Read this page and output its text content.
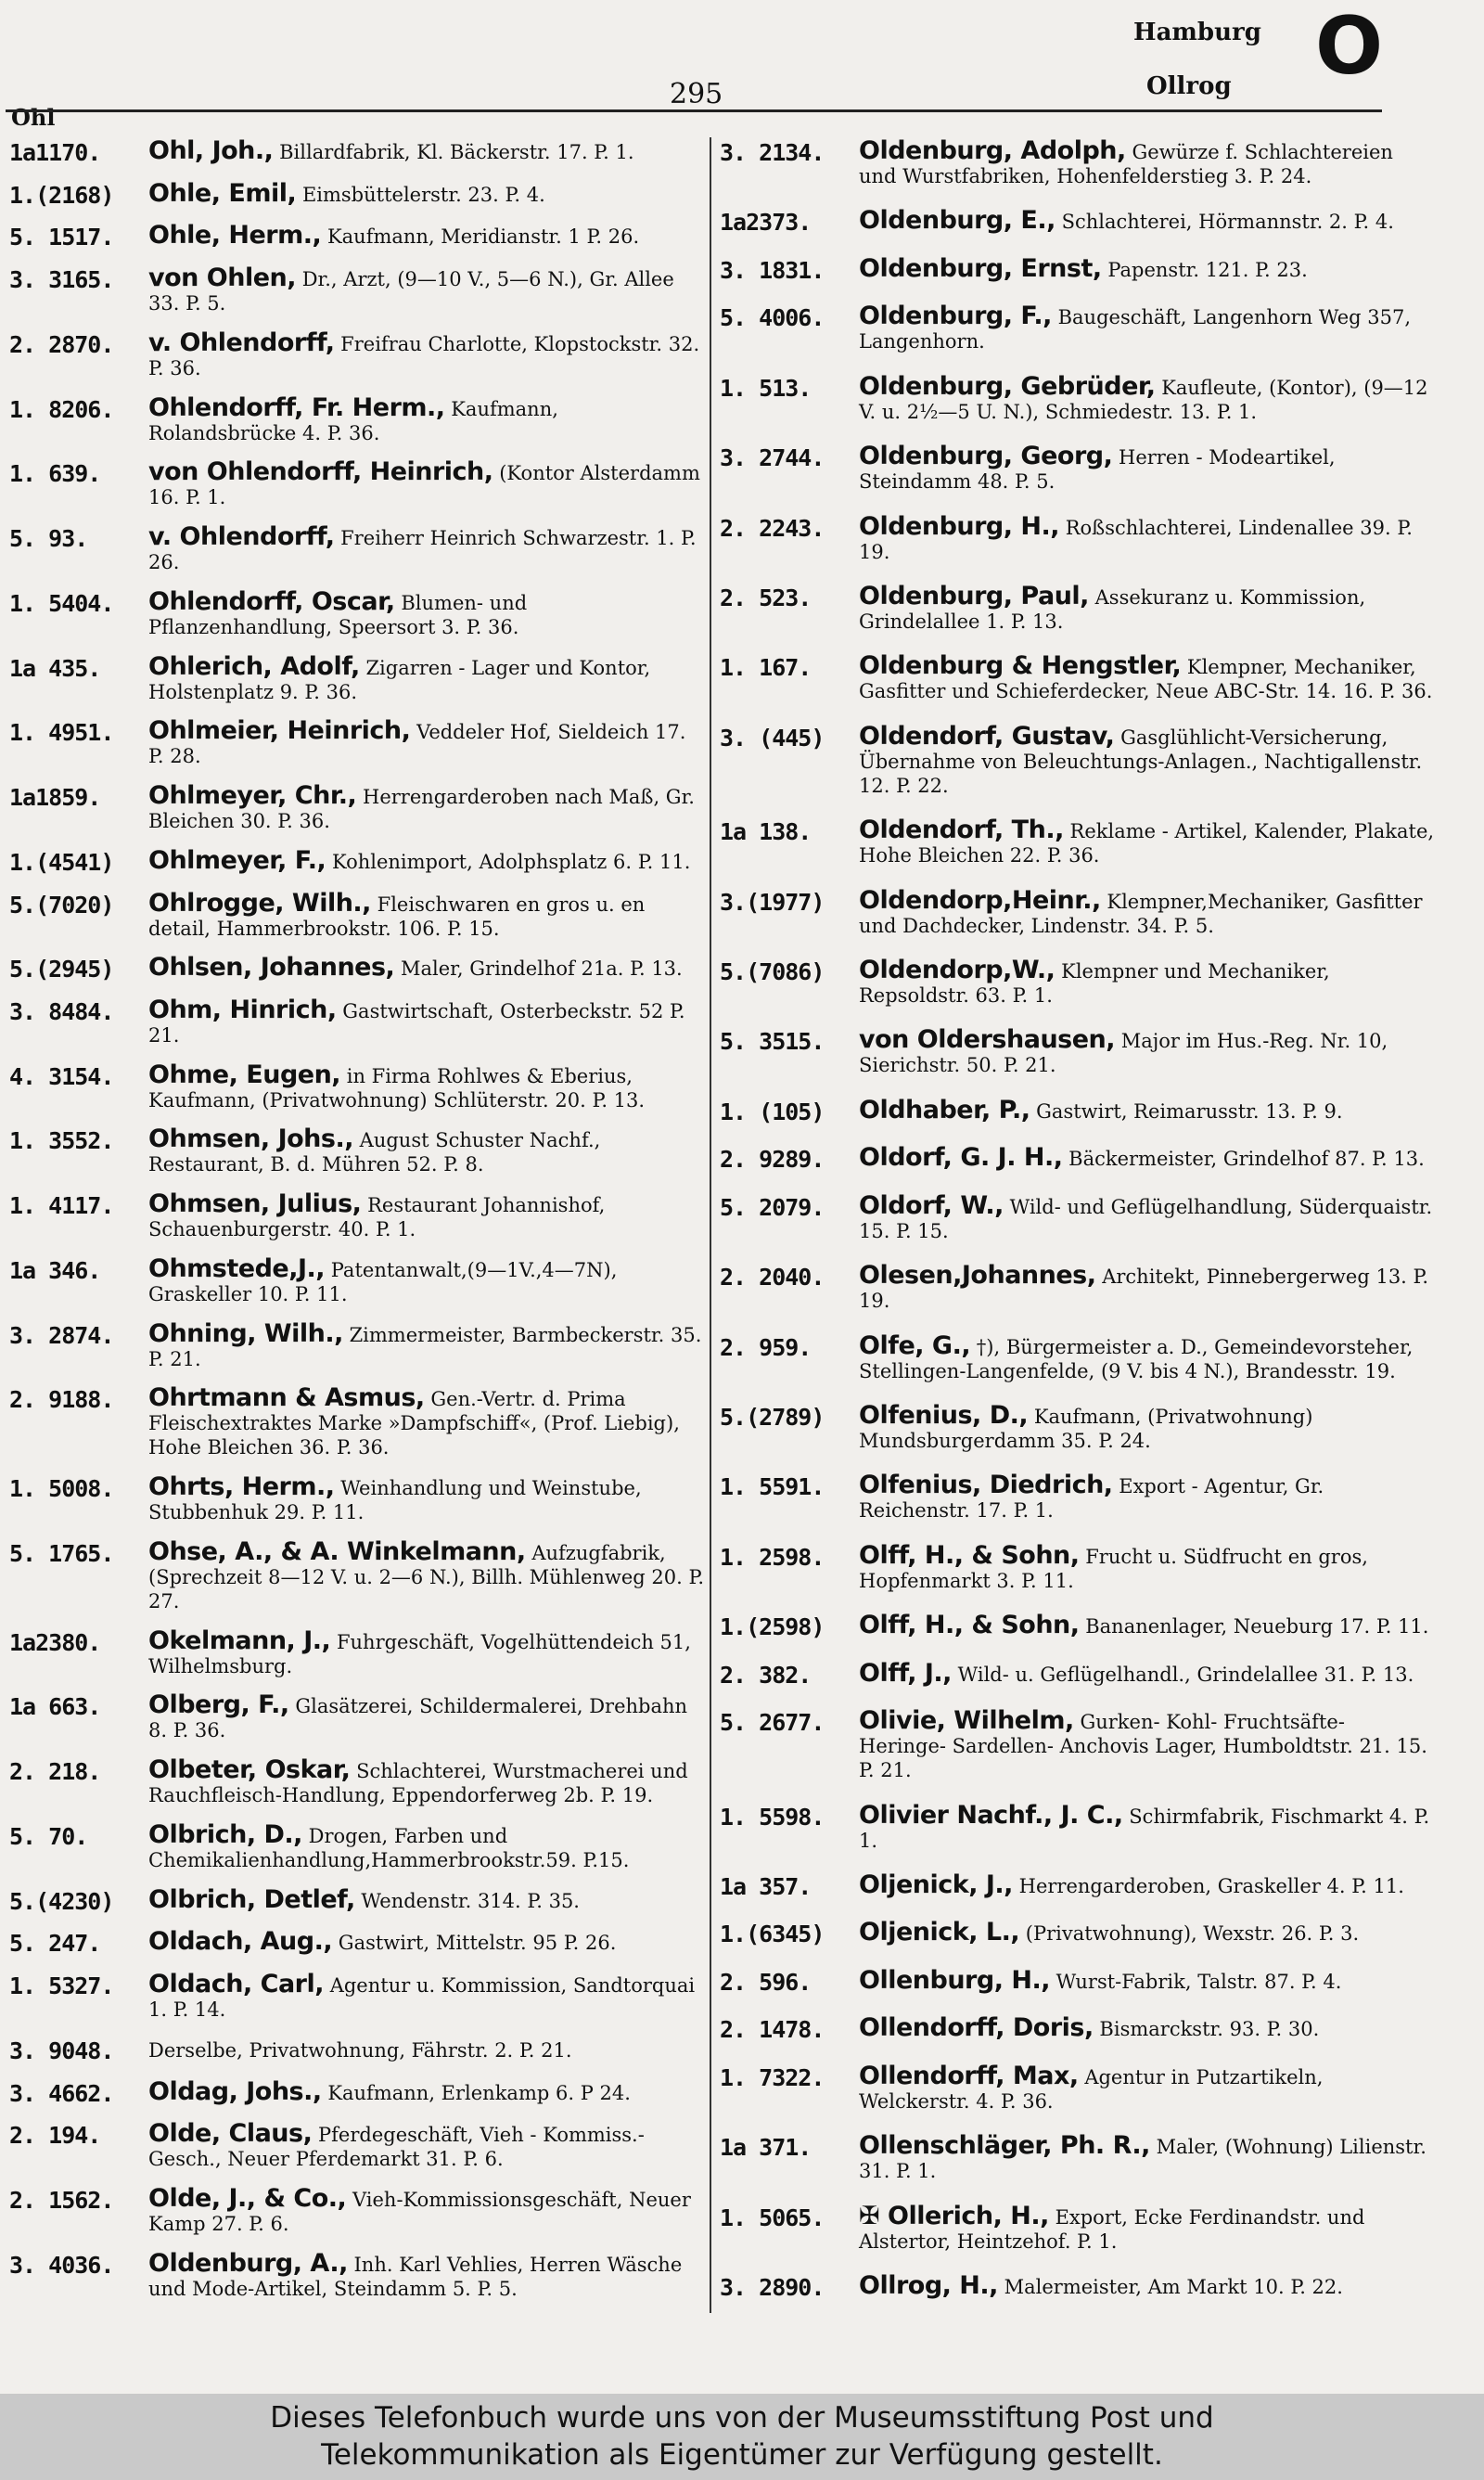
Ohl
295
Hamburg
Ollrog O
1a1170.	Ohl, Joh., Billardfabrik, Kl. Bäckerstr. 17. P. 1.
1.(2168)	Ohle, Emil, Eimsbüttelerstr. 23. P. 4.
5. 1517.	Ohle, Herm., Kaufmann, Meridianstr. 1 P. 26.
3. 3165.	von Ohlen, Dr., Arzt, (9—10 V., 5—6 N.), Gr. Allee 33. P. 5.
2. 2870.	v. Ohlendorff, Freifrau Charlotte, Klopstockstr. 32. P. 36.
1. 8206.	Ohlendorff, Fr. Herm., Kaufmann, Rolandsbrücke 4. P. 36.
1. 639.	von Ohlendorff, Heinrich, (Kontor Alsterdamm 16. P. 1.
5. 93.	v. Ohlendorff, Freiherr Heinrich Schwarzestr. 1. P. 26.
1. 5404.	Ohlendorff, Oscar, Blumen- und Pflanzenhandlung, Speersort 3. P. 36.
1a 435.	Ohlerich, Adolf, Zigarren - Lager und Kontor, Holstenplatz 9. P. 36.
1. 4951.	Ohlmeier, Heinrich, Veddeler Hof, Sieldeich 17. P. 28.
1a1859.	Ohlmeyer, Chr., Herrengarderoben nach Maß, Gr. Bleichen 30. P. 36.
1.(4541)	Ohlmeyer, F., Kohlenimport, Adolphsplatz 6. P. 11.
5.(7020)	Ohlrogge, Wilh., Fleischwaren en gros u. en detail, Hammerbrookstr. 106. P. 15.
5.(2945)	Ohlsen, Johannes, Maler, Grindelhof 21a. P. 13.
3. 8484.	Ohm, Hinrich, Gastwirtschaft, Osterbeckstr. 52 P. 21.
4. 3154.	Ohme, Eugen, in Firma Rohlwes & Eberius, Kaufmann, (Privatwohnung) Schlüterstr. 20. P. 13.
1. 3552.	Ohmsen, Johs., August Schuster Nachf., Restaurant, B. d. Mühren 52. P. 8.
1. 4117.	Ohmsen, Julius, Restaurant Johannishof, Schauenburgerstr. 40. P. 1.
1a 346.	Ohmstede,J., Patentanwalt,(9—1V.,4—7N), Graskeller 10. P. 11.
3. 2874.	Ohning, Wilh., Zimmermeister, Barmbeckerstr. 35. P. 21.
2. 9188.	Ohrtmann & Asmus, Gen.-Vertr. d. Prima Fleischextraktes Marke »Dampfschiff«, (Prof. Liebig), Hohe Bleichen 36. P. 36.
1. 5008.	Ohrts, Herm., Weinhandlung und Weinstube, Stubbenhuk 29. P. 11.
5. 1765.	Ohse, A., & A. Winkelmann, Aufzugfabrik, (Sprechzeit 8—12 V. u. 2—6 N.), Billh. Mühlenweg 20. P. 27.
1a2380.	Okelmann, J., Fuhrgeschäft, Vogelhüttendeich 51, Wilhelmsburg.
1a 663.	Olberg, F., Glasätzerei, Schildermalerei, Drehbahn 8. P. 36.
2. 218.	Olbeter, Oskar, Schlachterei, Wurstmacherei und Rauchfleisch-Handlung, Eppendorferweg 2b. P. 19.
5. 70.	Olbrich, D., Drogen, Farben und Chemikalienhandlung,Hammerbrookstr.59. P.15.
5.(4230)	Olbrich, Detlef, Wendenstr. 314. P. 35.
5. 247.	Oldach, Aug., Gastwirt, Mittelstr. 95 P. 26.
1. 5327.	Oldach, Carl, Agentur u. Kommission, Sandtorquai 1. P. 14.
3. 9048.	Derselbe, Privatwohnung, Fährstr. 2. P. 21.
3. 4662.	Oldag, Johs., Kaufmann, Erlenkamp 6. P 24.
2. 194.	Olde, Claus, Pferdegeschäft, Vieh - Kommiss.-Gesch., Neuer Pferdemarkt 31. P. 6.
2. 1562.	Olde, J., & Co., Vieh-Kommissionsgeschäft, Neuer Kamp 27. P. 6.
3. 4036.	Oldenburg, A., Inh. Karl Vehlies, Herren Wäsche und Mode-Artikel, Steindamm 5. P. 5.
3. 2134.	Oldenburg, Adolph, Gewürze f. Schlachtereien und Wurstfabriken, Hohenfelderstieg 3. P. 24.
1a2373.	Oldenburg, E., Schlachterei, Hörmannstr. 2. P. 4.
3. 1831.	Oldenburg, Ernst, Papenstr. 121. P. 23.
5. 4006.	Oldenburg, F., Baugeschäft, Langenhorn Weg 357, Langenhorn.
1. 513.	Oldenburg, Gebrüder, Kaufleute, (Kontor), (9—12 V. u. 2½—5 U. N.), Schmiedestr. 13. P. 1.
3. 2744.	Oldenburg, Georg, Herren - Modeartikel, Steindamm 48. P. 5.
2. 2243.	Oldenburg, H., Roßschlachterei, Lindenallee 39. P. 19.
2. 523.	Oldenburg, Paul, Assekuranz u. Kommission, Grindelallee 1. P. 13.
1. 167.	Oldenburg & Hengstler, Klempner, Mechaniker, Gasfitter und Schieferdecker, Neue ABC-Str. 14. 16. P. 36.
3. (445)	Oldendorf, Gustav, Gasglühlicht-Versicherung, Übernahme von Beleuchtungs-Anlagen., Nachtigallenstr. 12. P. 22.
1a 138.	Oldendorf, Th., Reklame - Artikel, Kalender, Plakate, Hohe Bleichen 22. P. 36.
3.(1977)	Oldendorp,Heinr., Klempner,Mechaniker, Gasfitter und Dachdecker, Lindenstr. 34. P. 5.
5.(7086)	Oldendorp,W., Klempner und Mechaniker, Repsoldstr. 63. P. 1.
5. 3515.	von Oldershausen, Major im Hus.-Reg. Nr. 10, Sierichstr. 50. P. 21.
1. (105)	Oldhaber, P., Gastwirt, Reimarusstr. 13. P. 9.
2. 9289.	Oldorf, G. J. H., Bäckermeister, Grindelhof 87. P. 13.
5. 2079.	Oldorf, W., Wild- und Geflügelhandlung, Süderquaistr. 15. P. 15.
2. 2040.	Olesen,Johannes, Architekt, Pinnebergerweg 13. P. 19.
2. 959.	Olfe, G., †), Bürgermeister a. D., Gemeindevorsteher, Stellingen-Langenfelde, (9 V. bis 4 N.), Brandesstr. 19.
5.(2789)	Olfenius, D., Kaufmann, (Privatwohnung) Mundsburgerdamm 35. P. 24.
1. 5591.	Olfenius, Diedrich, Export - Agentur, Gr. Reichenstr. 17. P. 1.
1. 2598.	Olff, H., & Sohn, Frucht u. Südfrucht en gros, Hopfenmarkt 3. P. 11.
1.(2598)	Olff, H., & Sohn, Bananenlager, Neueburg 17. P. 11.
2. 382.	Olff, J., Wild- u. Geflügelhandl., Grindelallee 31. P. 13.
5. 2677.	Olivie, Wilhelm, Gurken- Kohl- Fruchtsäfte- Heringe- Sardellen- Anchovis Lager, Humboldtstr. 21. 15. P. 21.
1. 5598.	Olivier Nachf., J. C., Schirmfabrik, Fischmarkt 4. P. 1.
1a 357.	Oljenick, J., Herrengarderoben, Graskeller 4. P. 11.
1.(6345)	Oljenick, L., (Privatwohnung), Wexstr. 26. P. 3.
2. 596.	Ollenburg, H., Wurst-Fabrik, Talstr. 87. P. 4.
2. 1478.	Ollendorff, Doris, Bismarckstr. 93. P. 30.
1. 7322.	Ollendorff, Max, Agentur in Putzartikeln, Welckerstr. 4. P. 36.
1a 371.	Ollenschläger, Ph. R., Maler, (Wohnung) Lilienstr. 31. P. 1.
1. 5065.	✠ Ollerich, H., Export, Ecke Ferdinandstr. und Alstertor, Heintzehof. P. 1.
3. 2890.	Ollrog, H., Malermeister, Am Markt 10. P. 22.
Dieses Telefonbuch wurde uns von der Museumsstiftung Post und
Telekommunikation als Eigentümer zur Verfügung gestellt.
